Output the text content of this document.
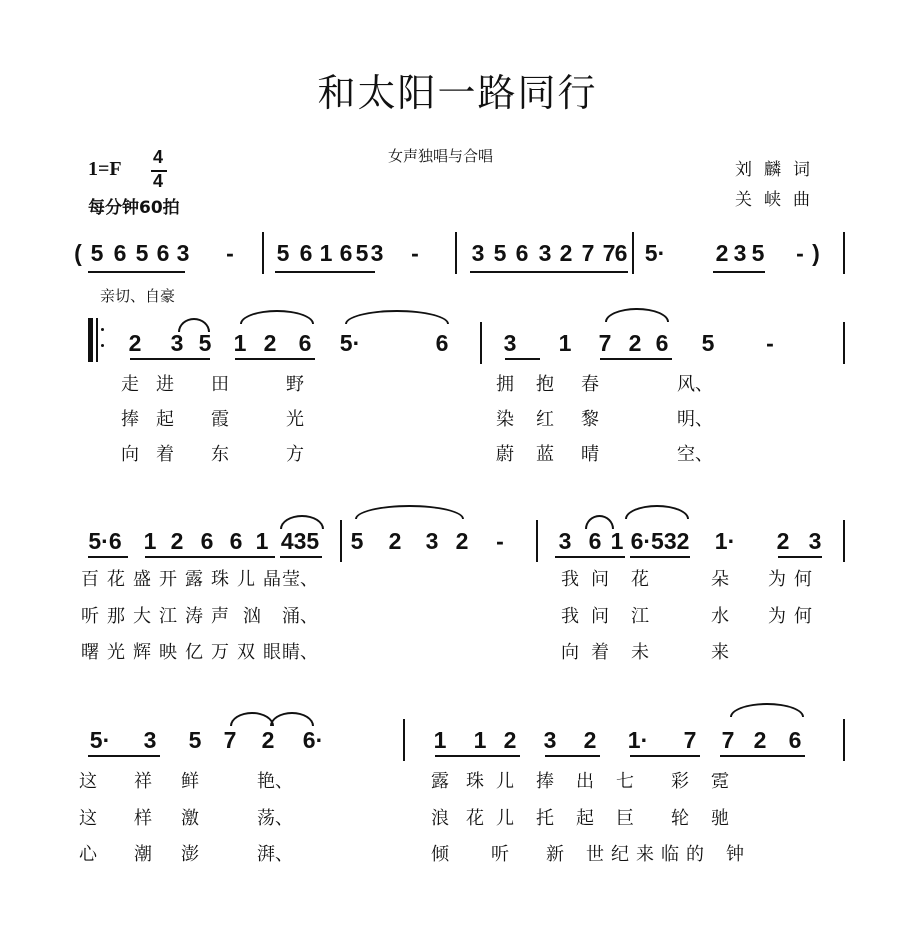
和太阳一路同行
女声独唱与合唱
1=F
4
4
每分钟60拍
刘麟词
关峡曲
亲切、自豪
( 5 6 5 6 3 - 5 6 1 6 5 3 - 3 5 6 3 2 7 7 6 5· 2 3 5 - )
2 3 5 1 2 6 5·	6 3 1 7 2 6 5 -
走 进 田	野	拥 抱 春	风、
捧 起 霞	光	染 红 黎	明、
向 着 东	方	蔚 蓝 晴	空、
5·6 1 2 6 6 1 435 5 2 3 2 - 3 6 1 6·532 1· 2 3
百 花 盛 开 露 珠 儿 晶 莹、	我 问 花	朵 为 何
听 那 大 江 涛 声 汹 涌、	我 问 江	水 为 何
曙 光 辉 映 亿 万 双 眼 睛、	向 着 未	来
5· 3 5 7 2 6·	1 1 2 3 2 1· 7 7 2 6
这 祥 鲜	艳、	露 珠 儿 捧 出 七 彩 霓
这 样 激	荡、	浪 花 儿 托 起 巨 轮 驰
心 潮 澎	湃、	倾 听 新 世 纪 来 临 的 钟
